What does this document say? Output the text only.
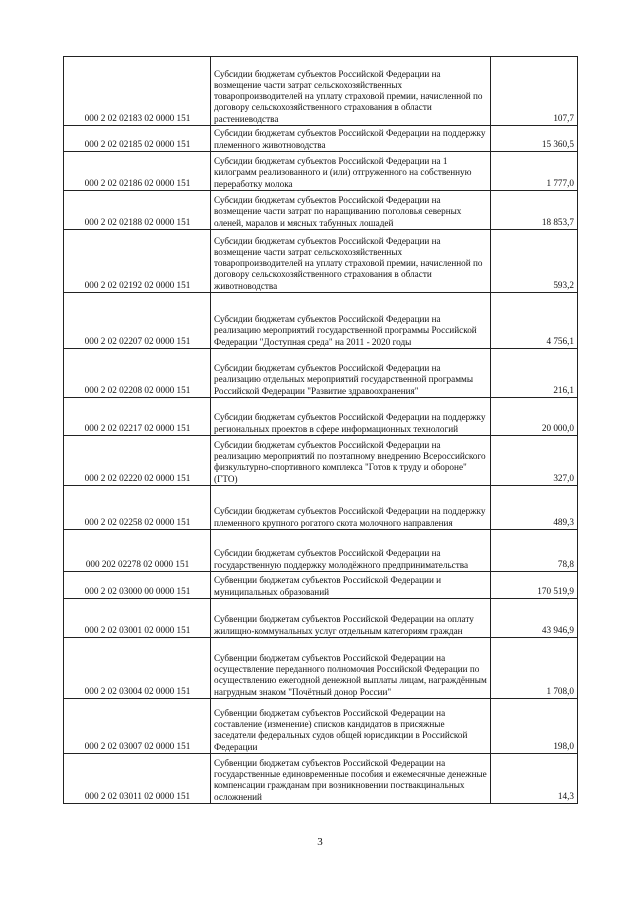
000 2 02 02183 02 0000 151	Субсидии бюджетам субъектов Российской Федерации на возмещение части затрат сельскохозяйственных товаропроизводителей на уплату страховой премии, начисленной по договору сельскохозяйственного страхования в области растениеводства	107,7
000 2 02 02185 02 0000 151	Субсидии бюджетам субъектов Российской Федерации на поддержку племенного животноводства	15 360,5
000 2 02 02186 02 0000 151	Субсидии бюджетам субъектов Российской Федерации на 1 килограмм реализованного и (или) отгруженного на собственную переработку молока	1 777,0
000 2 02 02188 02 0000 151	Субсидии бюджетам субъектов Российской Федерации на возмещение части затрат по наращиванию поголовья северных оленей, маралов и мясных табунных лошадей	18 853,7
000 2 02 02192 02 0000 151	Субсидии бюджетам субъектов Российской Федерации на возмещение части затрат сельскохозяйственных товаропроизводителей на уплату страховой премии, начисленной по договору сельскохозяйственного страхования в области животноводства	593,2
000 2 02 02207 02 0000 151	Субсидии бюджетам субъектов Российской Федерации на реализацию мероприятий государственной программы Российской Федерации "Доступная среда" на 2011 - 2020 годы	4 756,1
000 2 02 02208 02 0000 151	Субсидии бюджетам субъектов Российской Федерации на реализацию отдельных мероприятий государственной программы Российской Федерации "Развитие здравоохранения"	216,1
000 2 02 02217 02 0000 151	Субсидии бюджетам субъектов Российской Федерации на поддержку региональных проектов в сфере информационных технологий	20 000,0
000 2 02 02220 02 0000 151	Субсидии бюджетам субъектов Российской Федерации на реализацию мероприятий по поэтапному внедрению Всероссийского физкультурно-спортивного комплекса "Готов к труду и обороне" (ГТО)	327,0
000 2 02 02258 02 0000 151	Субсидии бюджетам субъектов Российской Федерации на поддержку племенного крупного рогатого скота молочного направления	489,3
000 202 02278 02 0000 151	Субсидии бюджетам субъектов Российской Федерации на государственную поддержку молодёжного предпринимательства	78,8
000 2 02 03000 00 0000 151	Субвенции бюджетам субъектов Российской Федерации и муниципальных образований	170 519,9
000 2 02 03001 02 0000 151	Субвенции бюджетам субъектов Российской Федерации на оплату жилищно-коммунальных услуг отдельным категориям граждан	43 946,9
000 2 02 03004 02 0000 151	Субвенции бюджетам субъектов Российской Федерации на осуществление переданного полномочия Российской Федерации по осуществлению ежегодной денежной выплаты лицам, награждённым нагрудным знаком "Почётный донор России"	1 708,0
000 2 02 03007 02 0000 151	Субвенции бюджетам субъектов Российской Федерации на составление (изменение) списков кандидатов в присяжные заседатели федеральных судов общей юрисдикции в Российской Федерации	198,0
000 2 02 03011 02 0000 151	Субвенции бюджетам субъектов Российской Федерации на государственные единовременные пособия и ежемесячные денежные компенсации гражданам при возникновении поствакцинальных осложнений	14,3
3
